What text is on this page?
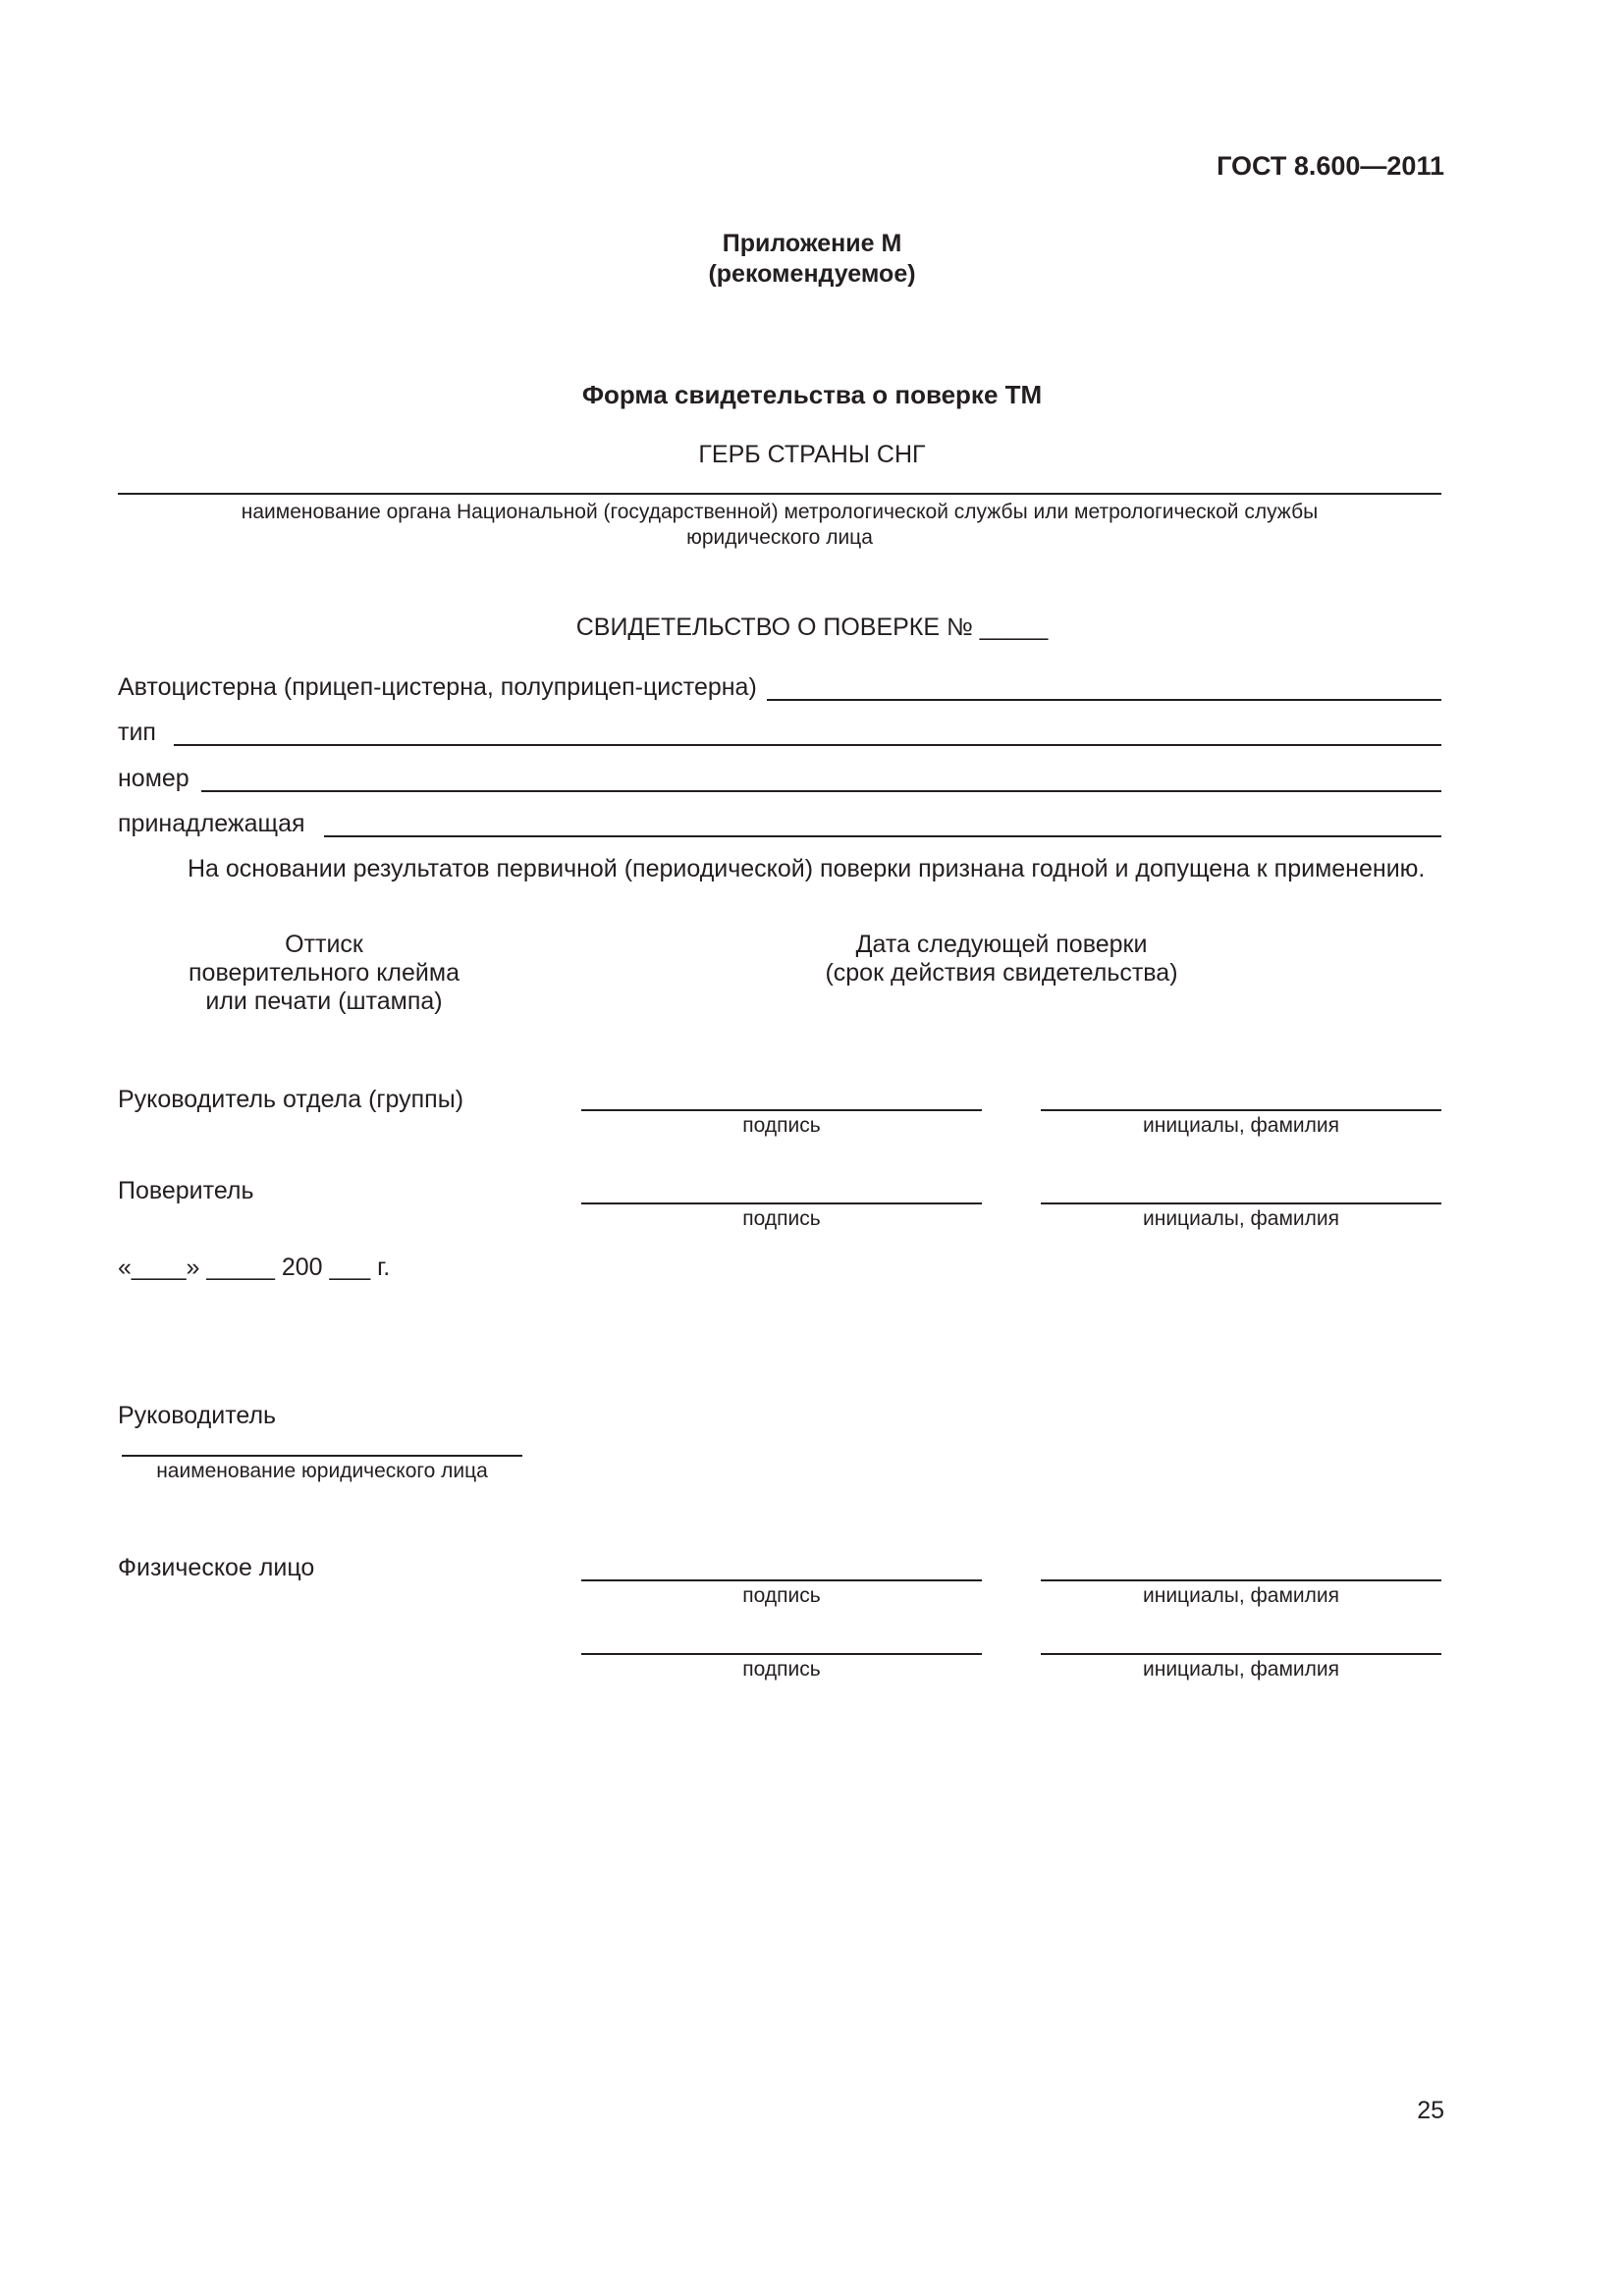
ГОСТ 8.600—2011
Приложение М
(рекомендуемое)
Форма свидетельства о поверке ТМ
ГЕРБ СТРАНЫ СНГ
наименование органа Национальной (государственной) метрологической службы или метрологической службы
юридического лица
СВИДЕТЕЛЬСТВО О ПОВЕРКЕ № _____
Автоцистерна (прицеп-цистерна, полуприцеп-цистерна)
тип
номер
принадлежащая
На основании результатов первичной (периодической) поверки признана годной и допущена к применению.
Оттиск
поверительного клейма
или печати (штампа)
Дата следующей поверки
(срок действия свидетельства)
Руководитель отдела (группы)
подпись	инициалы, фамилия
Поверитель
подпись	инициалы, фамилия
«____» _____ 200 ___ г.
Руководитель
наименование юридического лица
Физическое лицо
подпись	инициалы, фамилия
подпись	инициалы, фамилия
25
